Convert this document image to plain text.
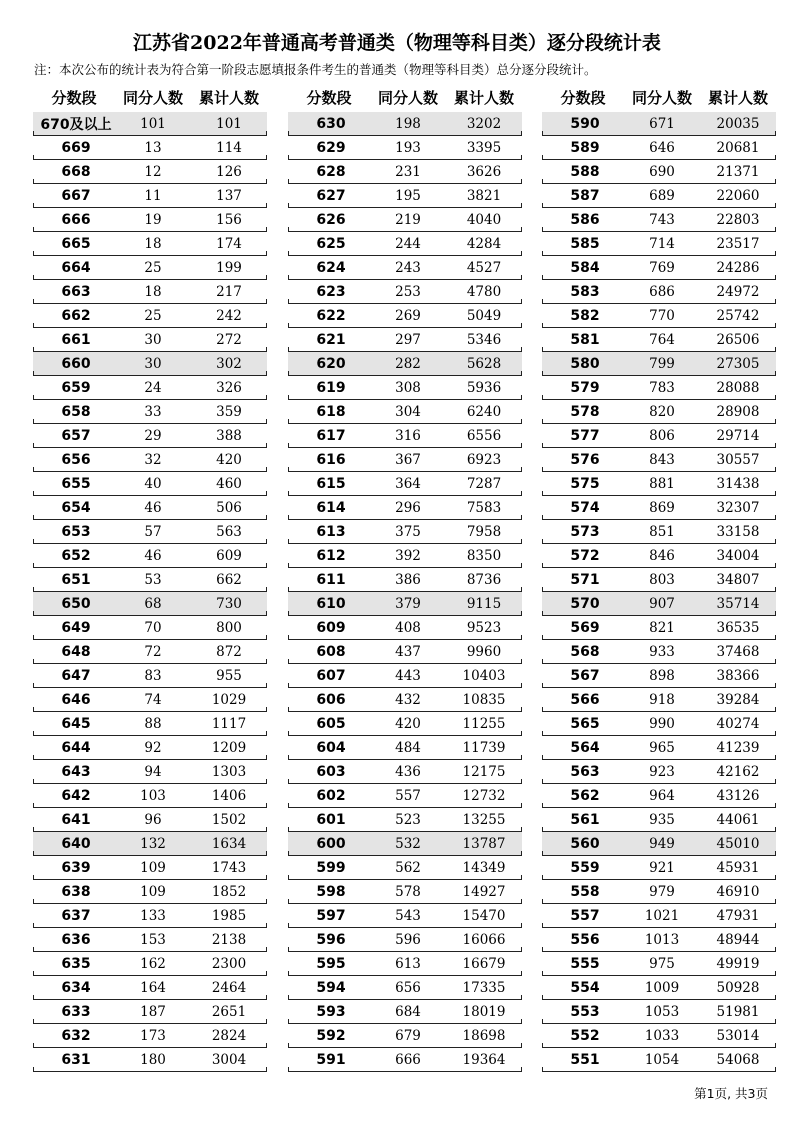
江苏省2022年普通高考普通类（物理等科目类）逐分段统计表
注：本次公布的统计表为符合第一阶段志愿填报条件考生的普通类（物理等科目类）总分逐分段统计。
分数段	同分人数	累计人数
670及以上	101	101
669	13	114
668	12	126
667	11	137
666	19	156
665	18	174
664	25	199
663	18	217
662	25	242
661	30	272
660	30	302
659	24	326
658	33	359
657	29	388
656	32	420
655	40	460
654	46	506
653	57	563
652	46	609
651	53	662
650	68	730
649	70	800
648	72	872
647	83	955
646	74	1029
645	88	1117
644	92	1209
643	94	1303
642	103	1406
641	96	1502
640	132	1634
639	109	1743
638	109	1852
637	133	1985
636	153	2138
635	162	2300
634	164	2464
633	187	2651
632	173	2824
631	180	3004
分数段	同分人数	累计人数
630	198	3202
629	193	3395
628	231	3626
627	195	3821
626	219	4040
625	244	4284
624	243	4527
623	253	4780
622	269	5049
621	297	5346
620	282	5628
619	308	5936
618	304	6240
617	316	6556
616	367	6923
615	364	7287
614	296	7583
613	375	7958
612	392	8350
611	386	8736
610	379	9115
609	408	9523
608	437	9960
607	443	10403
606	432	10835
605	420	11255
604	484	11739
603	436	12175
602	557	12732
601	523	13255
600	532	13787
599	562	14349
598	578	14927
597	543	15470
596	596	16066
595	613	16679
594	656	17335
593	684	18019
592	679	18698
591	666	19364
分数段	同分人数	累计人数
590	671	20035
589	646	20681
588	690	21371
587	689	22060
586	743	22803
585	714	23517
584	769	24286
583	686	24972
582	770	25742
581	764	26506
580	799	27305
579	783	28088
578	820	28908
577	806	29714
576	843	30557
575	881	31438
574	869	32307
573	851	33158
572	846	34004
571	803	34807
570	907	35714
569	821	36535
568	933	37468
567	898	38366
566	918	39284
565	990	40274
564	965	41239
563	923	42162
562	964	43126
561	935	44061
560	949	45010
559	921	45931
558	979	46910
557	1021	47931
556	1013	48944
555	975	49919
554	1009	50928
553	1053	51981
552	1033	53014
551	1054	54068
第1页, 共3页
